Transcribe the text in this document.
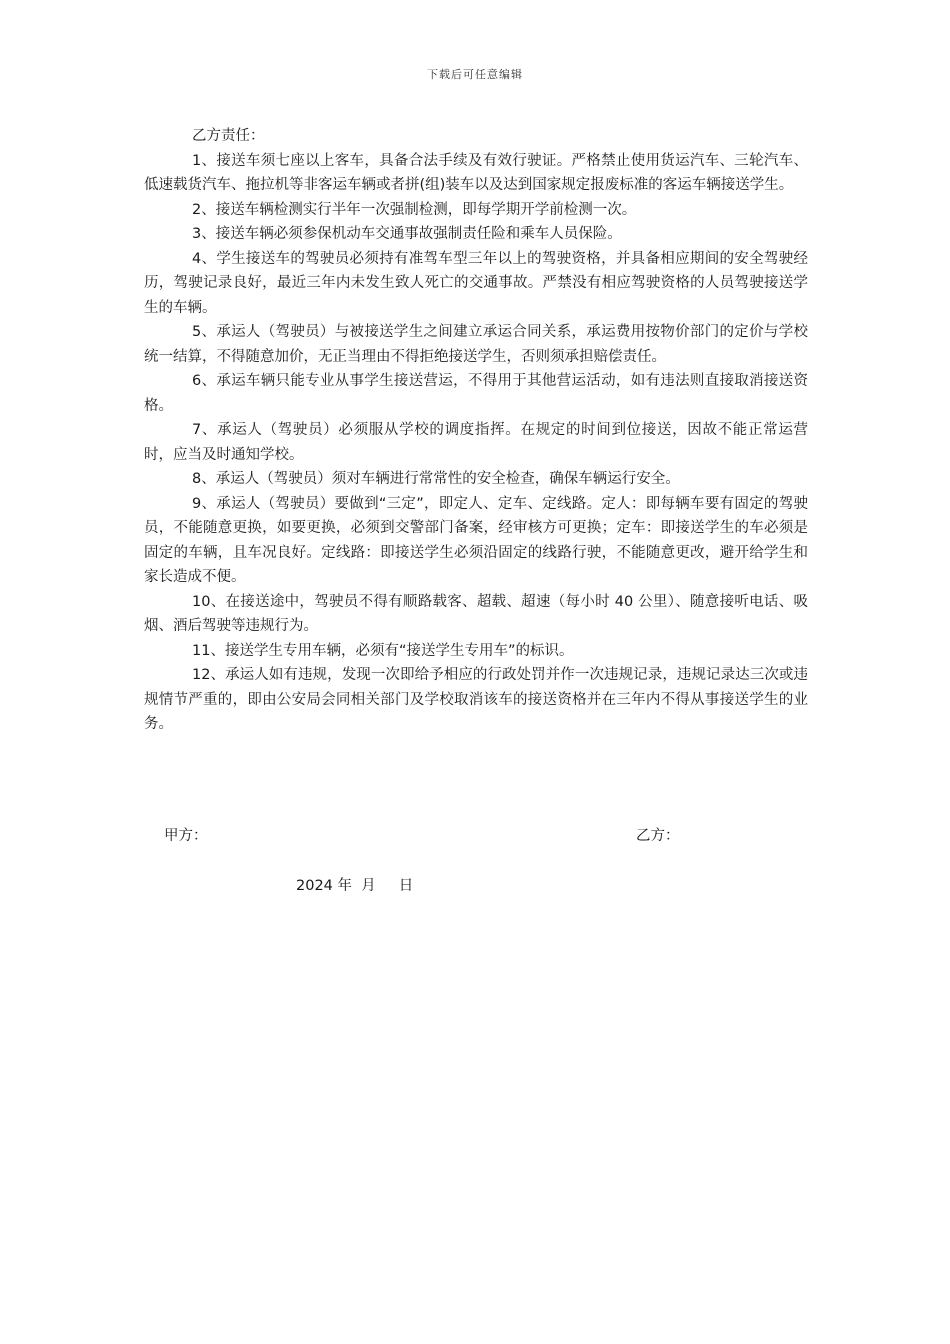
下载后可任意编辑
乙方责任：

1、接送车须七座以上客车，具备合法手续及有效行驶证。严格禁止使用货运汽车、三轮汽车、低速载货汽车、拖拉机等非客运车辆或者拼(组)装车以及达到国家规定报废标准的客运车辆接送学生。

2、接送车辆检测实行半年一次强制检测，即每学期开学前检测一次。

3、接送车辆必须参保机动车交通事故强制责任险和乘车人员保险。

4、学生接送车的驾驶员必须持有准驾车型三年以上的驾驶资格，并具备相应期间的安全驾驶经历，驾驶记录良好，最近三年内未发生致人死亡的交通事故。严禁没有相应驾驶资格的人员驾驶接送学生的车辆。

5、承运人（驾驶员）与被接送学生之间建立承运合同关系，承运费用按物价部门的定价与学校统一结算，不得随意加价，无正当理由不得拒绝接送学生，否则须承担赔偿责任。

6、承运车辆只能专业从事学生接送营运，不得用于其他营运活动，如有违法则直接取消接送资格。

7、承运人（驾驶员）必须服从学校的调度指挥。在规定的时间到位接送，因故不能正常运营时，应当及时通知学校。

8、承运人（驾驶员）须对车辆进行常常性的安全检查，确保车辆运行安全。

9、承运人（驾驶员）要做到“三定”，即定人、定车、定线路。定人：即每辆车要有固定的驾驶员，不能随意更换，如要更换，必须到交警部门备案，经审核方可更换；定车：即接送学生的车必须是固定的车辆，且车况良好。定线路：即接送学生必须沿固定的线路行驶，不能随意更改，避开给学生和家长造成不便。

10、在接送途中，驾驶员不得有顺路载客、超载、超速（每小时 40 公里）、随意接听电话、吸烟、酒后驾驶等违规行为。

11、接送学生专用车辆，必须有“接送学生专用车”的标识。

12、承运人如有违规，发现一次即给予相应的行政处罚并作一次违规记录，违规记录达三次或违规情节严重的，即由公安局会同相关部门及学校取消该车的接送资格并在三年内不得从事接送学生的业务。

甲方：	乙方：
2024 年  月     日
